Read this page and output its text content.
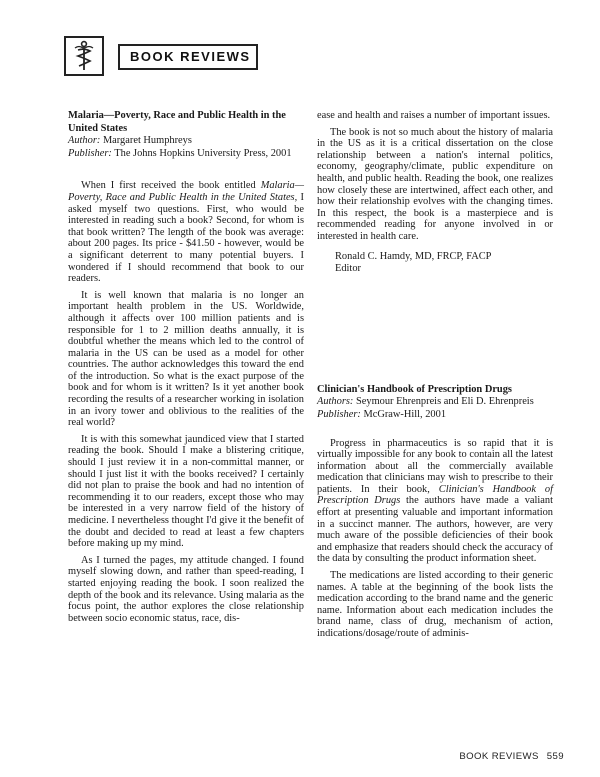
BOOK REVIEWS

Malaria—Poverty, Race and Public Health in the United States

Author: Margaret Humphreys

Publisher: The Johns Hopkins University Press, 2001

When I first received the book entitled Malaria—Poverty, Race and Public Health in the United States, I asked myself two questions. First, who would be interested in reading such a book? Second, for whom is that book written? The length of the book was average: about 200 pages. Its price - $41.50 - however, would be a significant deterrent to many potential buyers. I wondered if I should recommend that book to our readers.

It is well known that malaria is no longer an important health problem in the US. Worldwide, although it affects over 100 million patients and is responsible for 1 to 2 million deaths annually, it is doubtful whether the means which led to the control of malaria in the US can be used as a model for other countries. The author acknowledges this toward the end of the introduction. So what is the exact purpose of the book and for whom is it written? Is it yet another book recording the results of a researcher working in isolation in an ivory tower and oblivious to the realities of the real world?

It is with this somewhat jaundiced view that I started reading the book. Should I make a blistering critique, should I just review it in a non-committal manner, or should I just list it with the books received? I certainly did not plan to praise the book and had no intention of recommending it to our readers, except those who may be interested in a very narrow field of the history of medicine. I nevertheless thought I'd give it the benefit of the doubt and decided to read at least a few chapters before making up my mind.

As I turned the pages, my attitude changed. I found myself slowing down, and rather than speed-reading, I started enjoying reading the book. I soon realized the depth of the book and its relevance. Using malaria as the focus point, the author explores the close relationship between socio economic status, race, dis-

ease and health and raises a number of important issues.

The book is not so much about the history of malaria in the US as it is a critical dissertation on the close relationship between a nation's internal politics, economy, geography/climate, public expenditure on health, and public health. Reading the book, one realizes how closely these are intertwined, affect each other, and how their relationship evolves with the changing times. In this respect, the book is a masterpiece and is recommended reading for anyone involved in or interested in health care.

Ronald C. Hamdy, MD, FRCP, FACP
Editor

Clinician's Handbook of Prescription Drugs

Authors: Seymour Ehrenpreis and Eli D. Ehrenpreis

Publisher: McGraw-Hill, 2001

Progress in pharmaceutics is so rapid that it is virtually impossible for any book to contain all the latest information about all the commercially available medication that clinicians may wish to prescribe to their patients. In their book, Clinician's Handbook of Prescription Drugs the authors have made a valiant effort at presenting valuable and important information in a succinct manner. The authors, however, are very much aware of the possible deficiencies of their book and emphasize that readers should check the accuracy of the data by consulting the product information sheet.

The medications are listed according to their generic names. A table at the beginning of the book lists the medication according to the brand name and the generic name. Information about each medication includes the brand name, class of drug, mechanism of action, indications/dosage/route of adminis-

BOOK REVIEWS 559
